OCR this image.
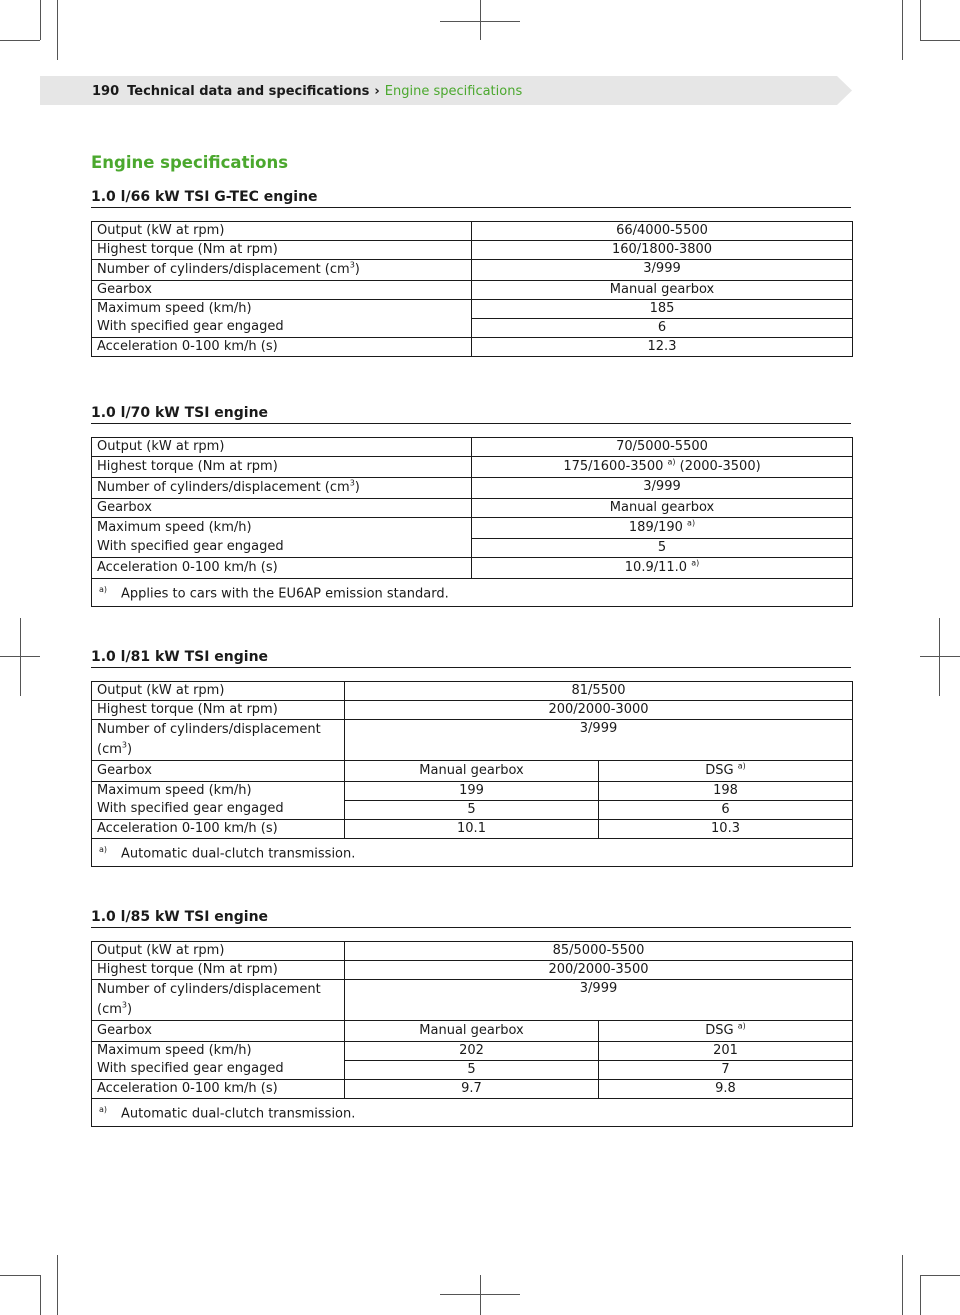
190 Technical data and specifications › Engine specifications
Engine specifications
1.0 l/66 kW TSI G-TEC engine
Output (kW at rpm)	66/4000-5500
Highest torque (Nm at rpm)	160/1800-3800
Number of cylinders/displacement $(cm^3)$	3/999
Gearbox	Manual gearbox

Maximum speed (km/h)
With specified gear engaged	185
	6
Acceleration 0-100 km/h (s)	12.3
1.0 l/70 kW TSI engine
Output (kW at rpm)	70/5000-5500
Highest torque (Nm at rpm)	175/1600-3500 $^{a)}$ (2000-3500)
Number of cylinders/displacement $(cm^3)$	3/999
Gearbox	Manual gearbox

Maximum speed (km/h)
With specified gear engaged	189/190 $^{a)}$
	5
Acceleration 0-100 km/h (s)	10.9/11.0 $^{a)}$
$^{a)}$ Applies to cars with the EU6AP emission standard.	
1.0 l/81 kW TSI engine
Output (kW at rpm)	81/5500	
Highest torque (Nm at rpm)	200/2000-3000	
Number of cylinders/displacement $(cm^3)$	3/999	
Gearbox	Manual gearbox	DSG $^{a)}$

Maximum speed (km/h)
With specified gear engaged	199	198
	5	6
Acceleration 0-100 km/h (s)	10.1	10.3
$^{a)}$ Automatic dual-clutch transmission.		
1.0 l/85 kW TSI engine
Output (kW at rpm)	85/5000-5500	
Highest torque (Nm at rpm)	200/2000-3500	
Number of cylinders/displacement $(cm^3)$	3/999	
Gearbox	Manual gearbox	DSG $^{a)}$

Maximum speed (km/h)
With specified gear engaged	202	201
	5	7
Acceleration 0-100 km/h (s)	9.7	9.8
$^{a)}$ Automatic dual-clutch transmission.		
